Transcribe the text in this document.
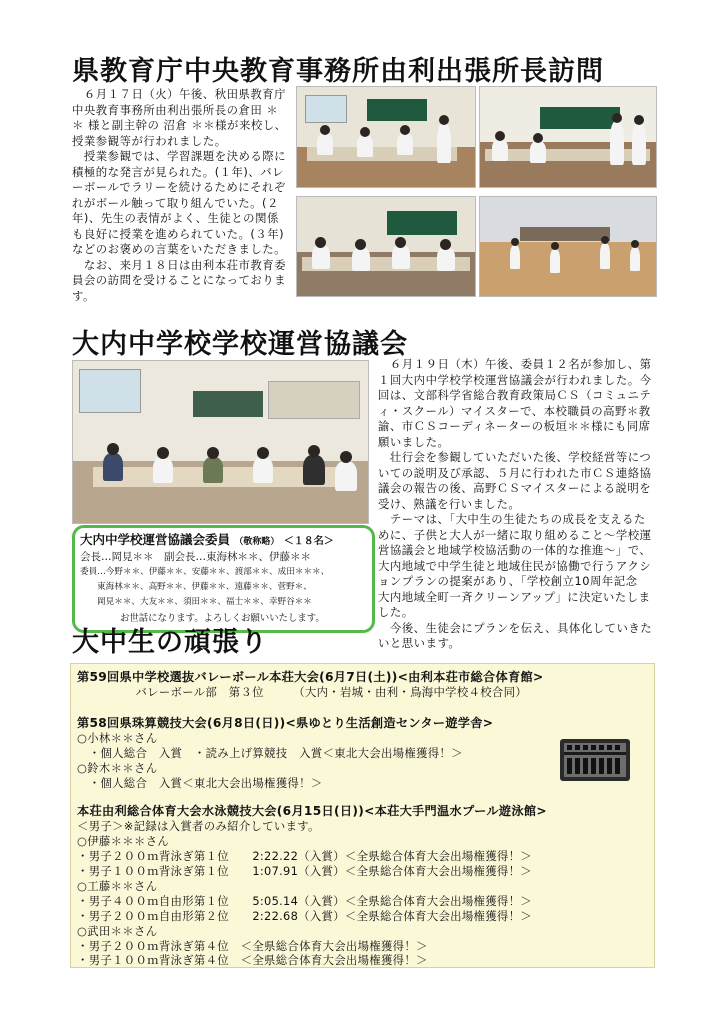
県教育庁中央教育事務所由利出張所長訪問

　６月１７日（火）午後、秋田県教育庁中央教育事務所由利出張所長の倉田 ＊＊ 様と副主幹の 沼倉 ＊＊様が来校し、授業参観等が行われました。

　授業参観では、学習課題を決める際に積極的な発言が見られた。(１年)、バレーボールでラリーを続けるためにそれぞれがボール触って取り組んでいた。(２年)、先生の表情がよく、生徒との関係も良好に授業を進められていた。(３年)などのお褒めの言葉をいただきました。

　なお、来月１８日は由利本荘市教育委員会の訪問を受けることになっております。

大内中学校学校運営協議会

　６月１９日（木）午後、委員１２名が参加し、第１回大内中学校学校運営協議会が行われました。今回は、文部科学省総合教育政策局ＣＳ（コミュニティ・スクール）マイスターで、本校職員の高野＊教諭、市ＣＳコーディネーターの板垣＊＊様にも同席願いました。

　壮行会を参観していただいた後、学校経営等についての説明及び承認、５月に行われた市ＣＳ連絡協議会の報告の後、高野ＣＳマイスターによる説明を受け、熟議を行いました。

　テーマは、「大中生の生徒たちの成長を支えるために、子供と大人が一緒に取り組めること～学校運営協議会と地域学校協活動の一体的な推進～」で、大内地域で中学生徒と地域住民が協働で行うアクションプランの提案があり、「学校創立10周年記念　大内地域全町一斉クリーンアップ」に決定いたしました。

　今後、生徒会にプランを伝え、具体化していきたいと思います。

大内中学校運営協議会委員 （敬称略） ＜１８名＞
会長…岡見＊＊　副会長…東海林＊＊、伊藤＊＊
委員…今野＊＊、伊藤＊＊、安藤＊＊、渡部＊＊、成田＊＊＊、
東海林＊＊、高野＊＊、伊藤＊＊、遠藤＊＊、菅野＊、
岡見＊＊、大友＊＊、須田＊＊、福士＊＊、幸野谷＊＊
お世話になります。よろしくお願いいたします。
大中生の頑張り
第59回県中学校選抜バレーボール本荘大会(6月7日(土))<由利本荘市総合体育館>
　　　　　バレーボール部　第３位　　　（大内・岩城・由利・鳥海中学校４校合同）
第58回県珠算競技大会(6月8日(日))<県ゆとり生活創造センター遊学舎>
○小林＊＊さん
　・個人総合　入賞　・読み上げ算競技　入賞＜東北大会出場権獲得！＞
○鈴木＊＊さん
　・個人総合　入賞＜東北大会出場権獲得！＞
本荘由利総合体育大会水泳競技大会(6月15日(日))<本荘大手門温水プール遊泳館>
＜男子＞※記録は入賞者のみ紹介しています。
○伊藤＊＊＊さん
・男子２００ｍ背泳ぎ第１位　　2:22.22（入賞）＜全県総合体育大会出場権獲得！＞
・男子１００ｍ背泳ぎ第１位　　1:07.91（入賞）＜全県総合体育大会出場権獲得！＞
○工藤＊＊さん
・男子４００ｍ自由形第１位　　5:05.14（入賞）＜全県総合体育大会出場権獲得！＞
・男子２００ｍ自由形第２位　　2:22.68（入賞）＜全県総合体育大会出場権獲得！＞
○武田＊＊さん
・男子２００ｍ背泳ぎ第４位　＜全県総合体育大会出場権獲得！＞
・男子１００ｍ背泳ぎ第４位　＜全県総合体育大会出場権獲得！＞
